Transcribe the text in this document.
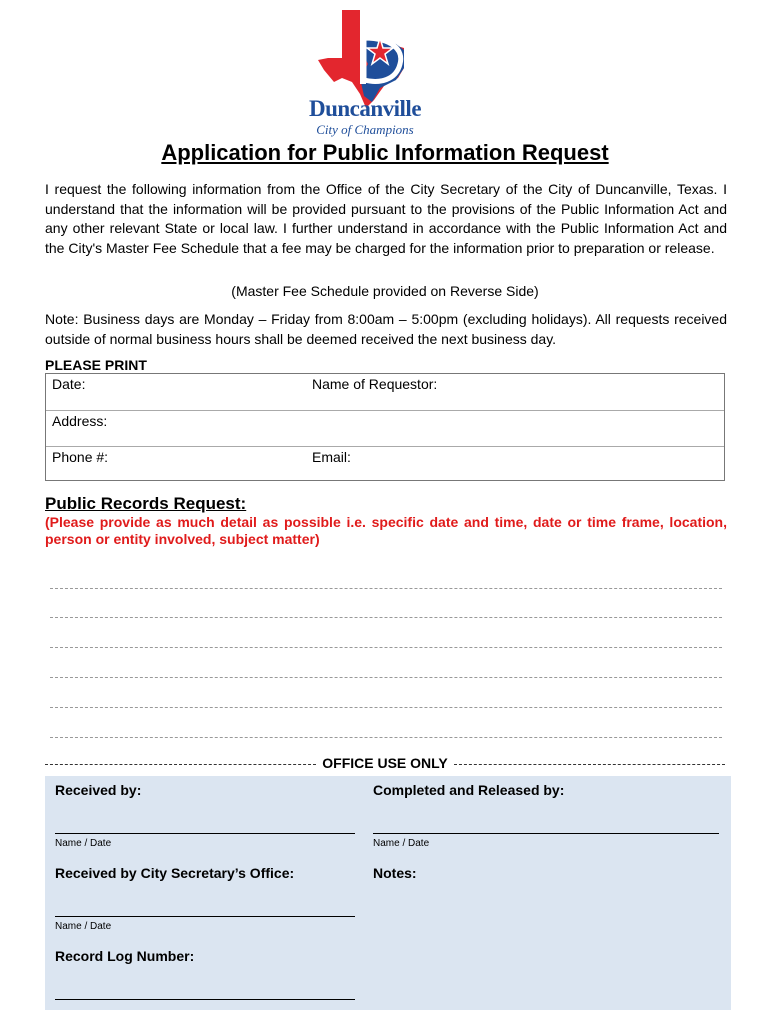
Duncanville
City of Champions
Application for Public Information Request
I request the following information from the Office of the City Secretary of the City of Duncanville, Texas. I understand that the information will be provided pursuant to the provisions of the Public Information Act and any other relevant State or local law. I further understand in accordance with the Public Information Act and the City's Master Fee Schedule that a fee may be charged for the information prior to preparation or release.
(Master Fee Schedule provided on Reverse Side)
Note: Business days are Monday – Friday from 8:00am – 5:00pm (excluding holidays). All requests received outside of normal business hours shall be deemed received the next business day.
PLEASE PRINT
Date:	Name of Requestor:
Address:
Phone #:	Email:
Public Records Request:
(Please provide as much detail as possible i.e. specific date and time, date or time frame, location, person or entity involved, subject matter)
OFFICE USE ONLY
Received by:	Completed and Released by:
Name / Date	Name / Date
Received by City Secretary’s Office:	Notes:
Name / Date
Record Log Number:
